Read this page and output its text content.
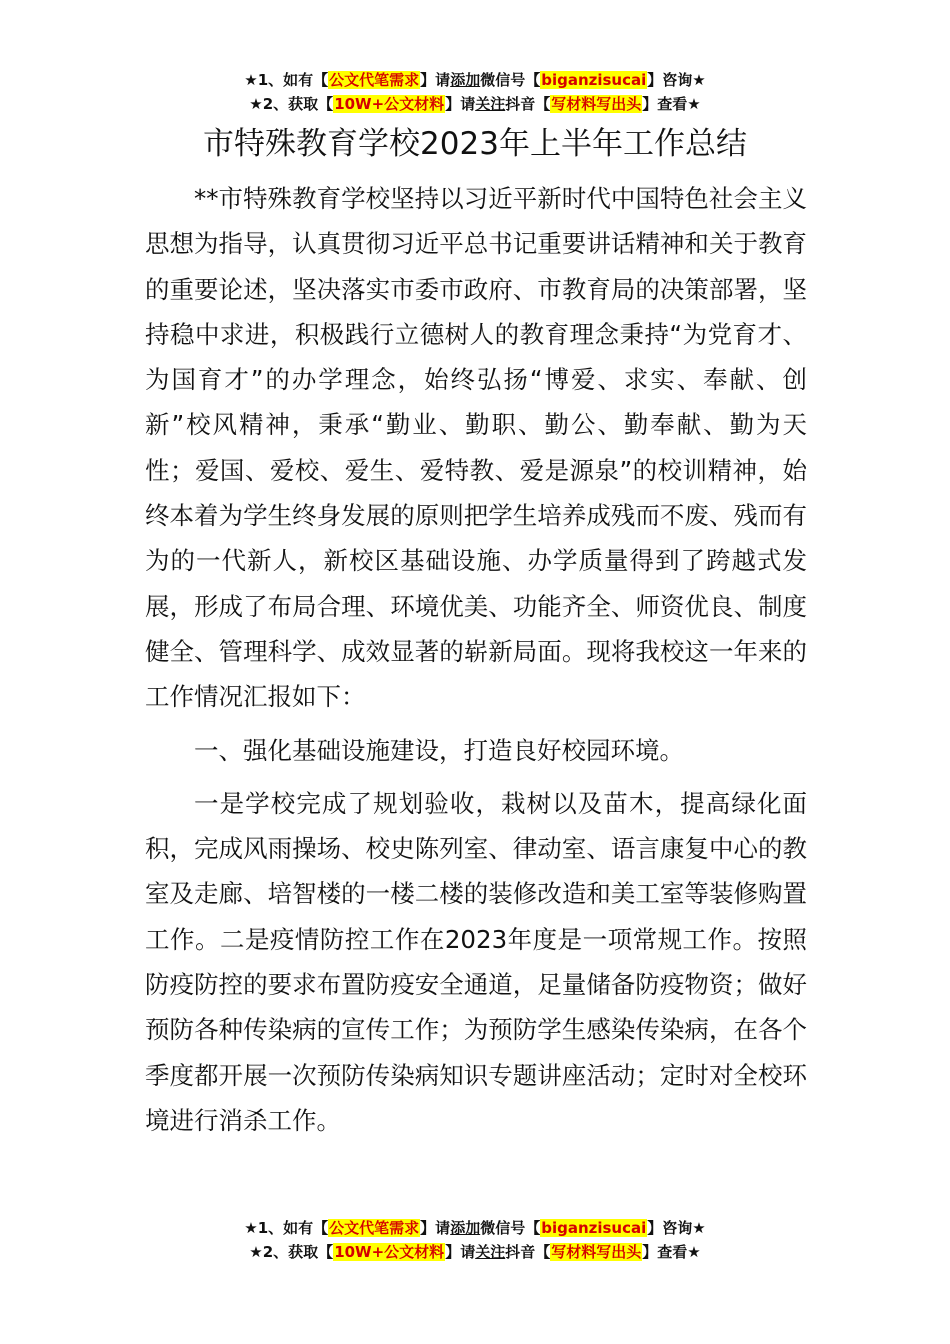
★1、如有【公文代笔需求】请添加微信号【biganzisucai】咨询★
★2、获取【10W+公文材料】请关注抖音【写材料写出头】查看★
市特殊教育学校2023年上半年工作总结

**市特殊教育学校坚持以习近平新时代中国特色社会主义思想为指导，认真贯彻习近平总书记重要讲话精神和关于教育的重要论述，坚决落实市委市政府、市教育局的决策部署，坚持稳中求进，积极践行立德树人的教育理念秉持“为党育才、为国育才”的办学理念，始终弘扬“博爱、求实、奉献、创新”校风精神，秉承“勤业、勤职、勤公、勤奉献、勤为天性；爱国、爱校、爱生、爱特教、爱是源泉”的校训精神，始终本着为学生终身发展的原则把学生培养成残而不废、残而有为的一代新人，新校区基础设施、办学质量得到了跨越式发展，形成了布局合理、环境优美、功能齐全、师资优良、制度健全、管理科学、成效显著的崭新局面。现将我校这一年来的工作情况汇报如下：

一、强化基础设施建设，打造良好校园环境。

一是学校完成了规划验收，栽树以及苗木，提高绿化面积，完成风雨操场、校史陈列室、律动室、语言康复中心的教室及走廊、培智楼的一楼二楼的装修改造和美工室等装修购置工作。二是疫情防控工作在2023年度是一项常规工作。按照防疫防控的要求布置防疫安全通道，足量储备防疫物资；做好预防各种传染病的宣传工作；为预防学生感染传染病，在各个季度都开展一次预防传染病知识专题讲座活动；定时对全校环境进行消杀工作。

★1、如有【公文代笔需求】请添加微信号【biganzisucai】咨询★
★2、获取【10W+公文材料】请关注抖音【写材料写出头】查看★
